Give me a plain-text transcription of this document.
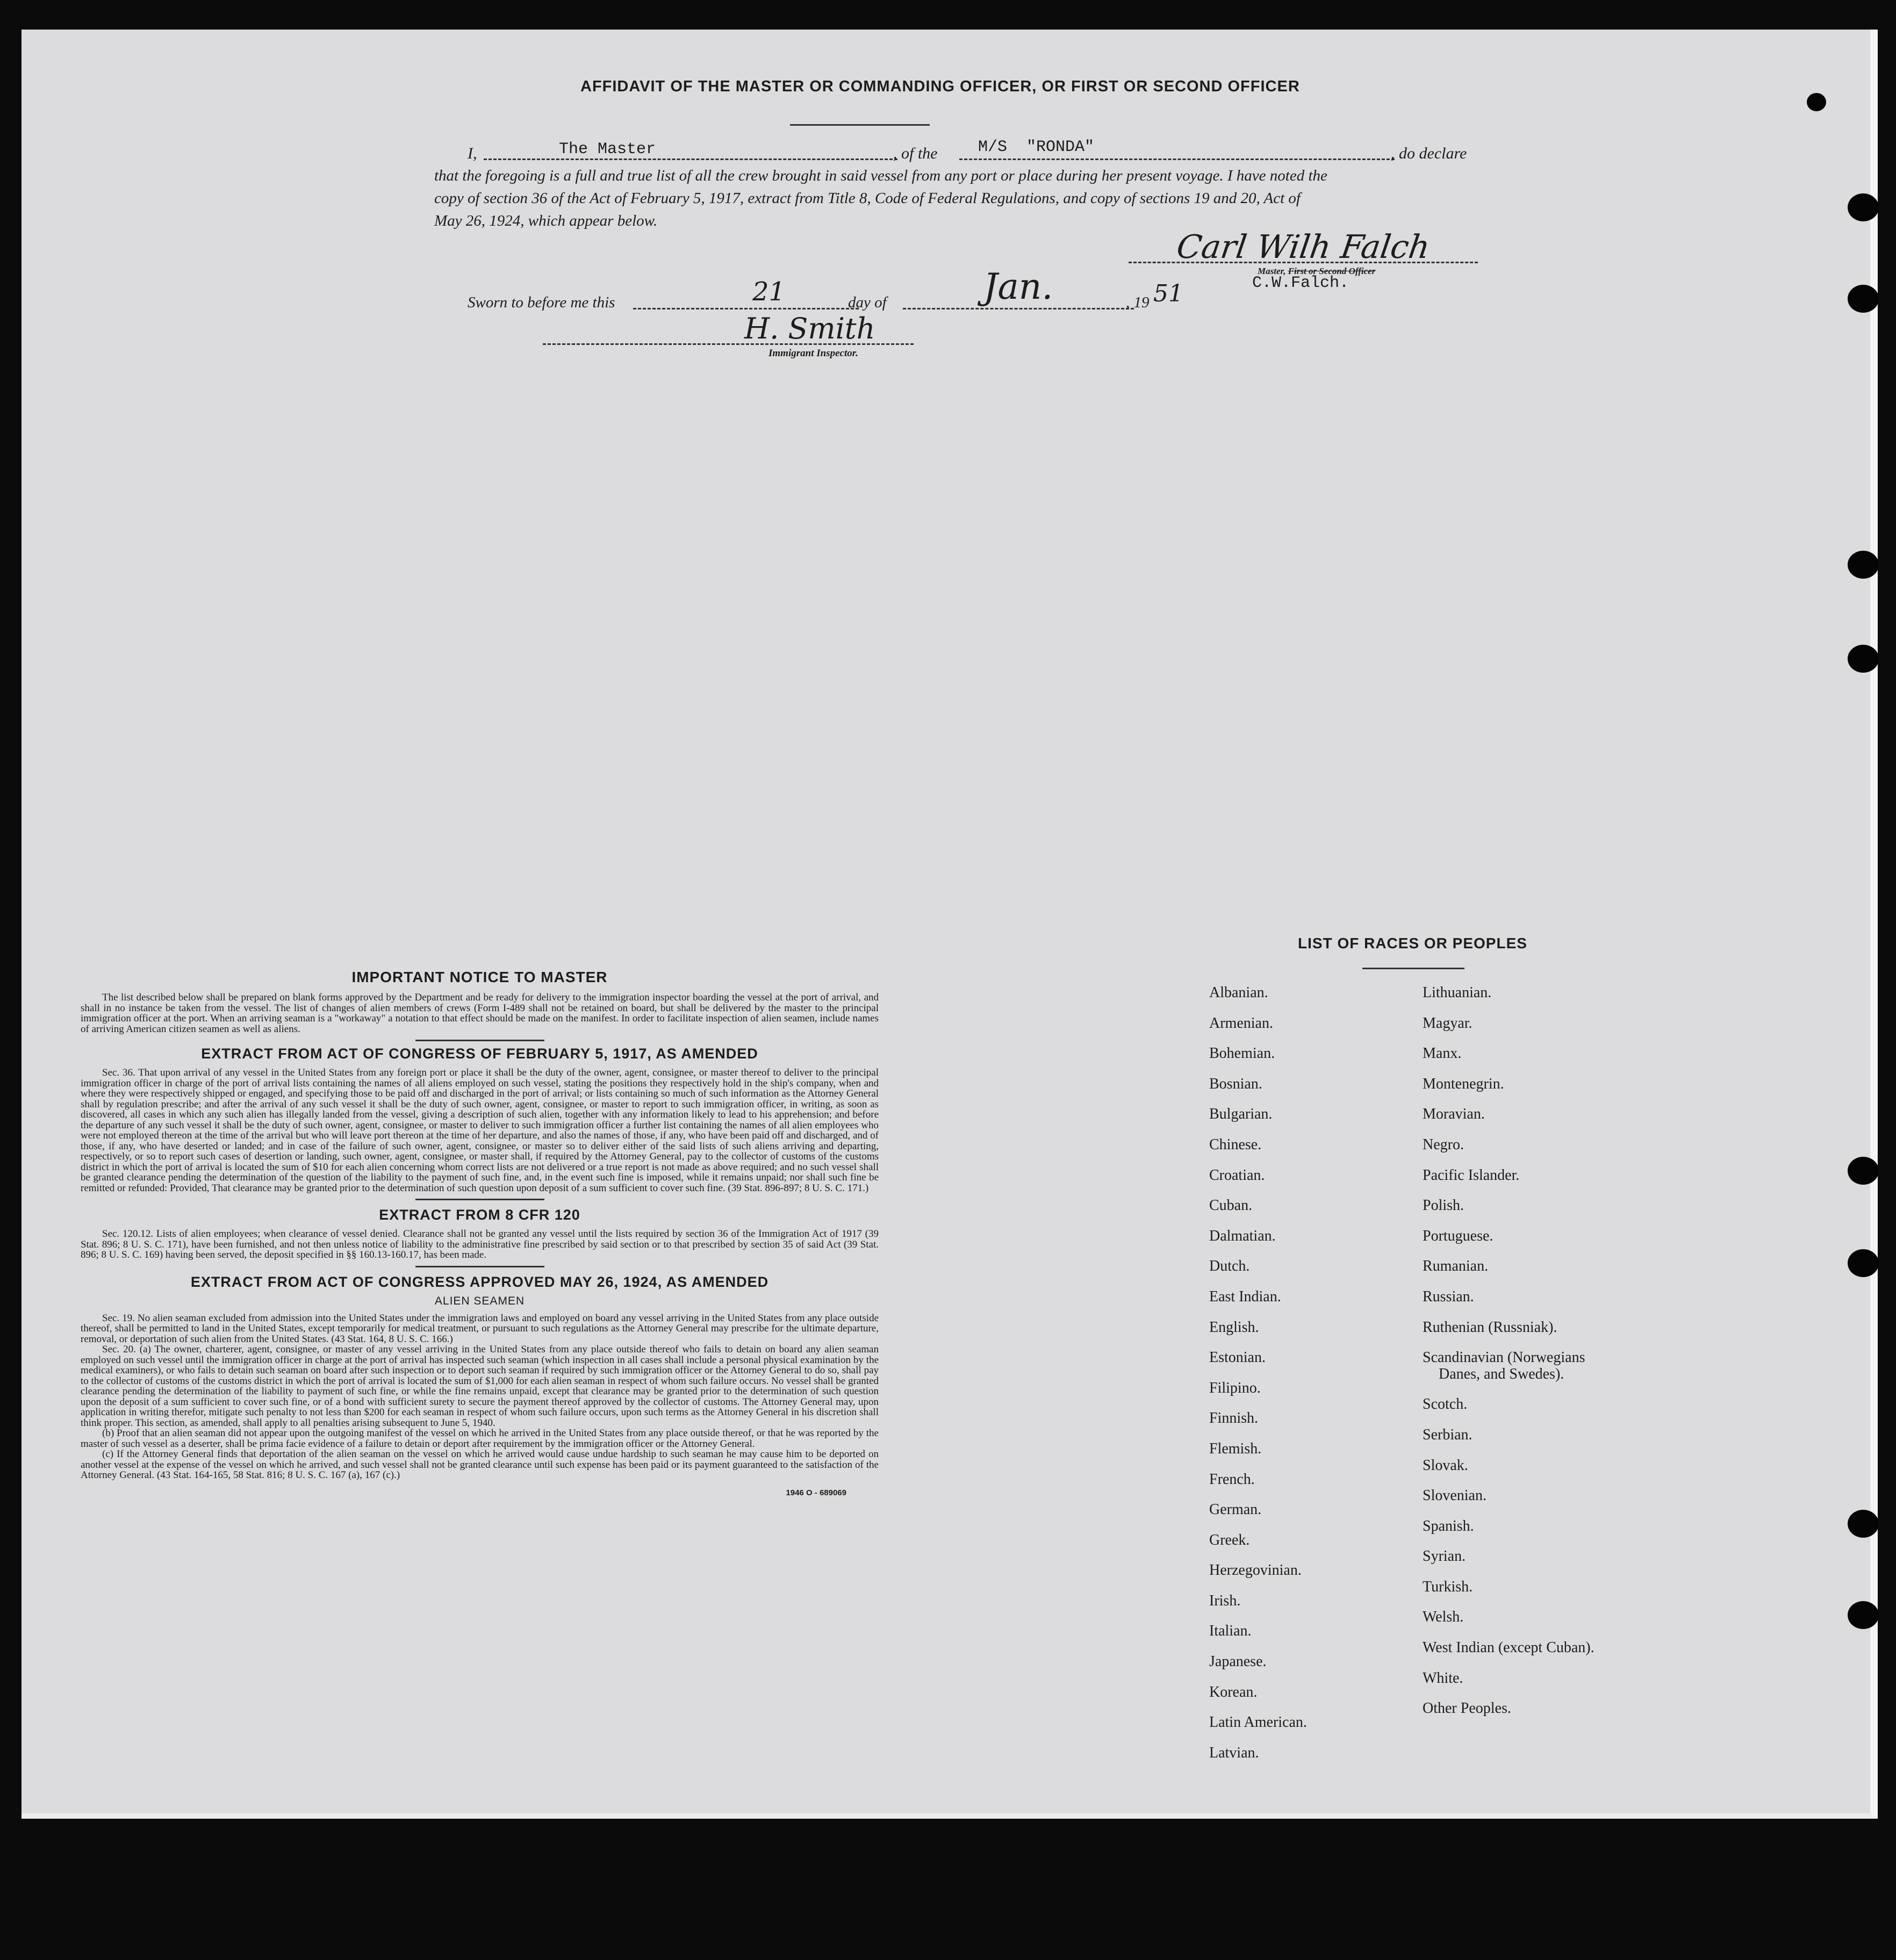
AFFIDAVIT OF THE MASTER OR COMMANDING OFFICER, OR FIRST OR SECOND OFFICER
I,	The Master	, of the	M/S  "RONDA"	, do declare
that the foregoing is a full and true list of all the crew brought in said vessel from any port or place during her present voyage. I have noted the
copy of section 36 of the Act of February 5, 1917, extract from Title 8, Code of Federal Regulations, and copy of sections 19 and 20, Act of
May 26, 1924, which appear below.
Carl Wilh Falch
Master, First or Second Officer
C.W.Falch.
Sworn to before me this	21	day of	Jan.	, 19 51
H. Smith
Immigrant Inspector.
IMPORTANT NOTICE TO MASTER

The list described below shall be prepared on blank forms approved by the Department and be ready for delivery to the immigration inspector boarding the vessel at the port of arrival, and shall in no instance be taken from the vessel. The list of changes of alien members of crews (Form I-489 shall not be retained on board, but shall be delivered by the master to the principal immigration officer at the port. When an arriving seaman is a "workaway" a notation to that effect should be made on the manifest. In order to facilitate inspection of alien seamen, include names of arriving American citizen seamen as well as aliens.

EXTRACT FROM ACT OF CONGRESS OF FEBRUARY 5, 1917, AS AMENDED

Sec. 36. That upon arrival of any vessel in the United States from any foreign port or place it shall be the duty of the owner, agent, consignee, or master thereof to deliver to the principal immigration officer in charge of the port of arrival lists containing the names of all aliens employed on such vessel, stating the positions they respectively hold in the ship's company, when and where they were respectively shipped or engaged, and specifying those to be paid off and discharged in the port of arrival; or lists containing so much of such information as the Attorney General shall by regulation prescribe; and after the arrival of any such vessel it shall be the duty of such owner, agent, consignee, or master to report to such immigration officer, in writing, as soon as discovered, all cases in which any such alien has illegally landed from the vessel, giving a description of such alien, together with any information likely to lead to his apprehension; and before the departure of any such vessel it shall be the duty of such owner, agent, consignee, or master to deliver to such immigration officer a further list containing the names of all alien employees who were not employed thereon at the time of the arrival but who will leave port thereon at the time of her departure, and also the names of those, if any, who have been paid off and discharged, and of those, if any, who have deserted or landed; and in case of the failure of such owner, agent, consignee, or master so to deliver either of the said lists of such aliens arriving and departing, respectively, or so to report such cases of desertion or landing, such owner, agent, consignee, or master shall, if required by the Attorney General, pay to the collector of customs of the customs district in which the port of arrival is located the sum of $10 for each alien concerning whom correct lists are not delivered or a true report is not made as above required; and no such vessel shall be granted clearance pending the determination of the question of the liability to the payment of such fine, and, in the event such fine is imposed, while it remains unpaid; nor shall such fine be remitted or refunded: Provided, That clearance may be granted prior to the determination of such question upon deposit of a sum sufficient to cover such fine. (39 Stat. 896-897; 8 U. S. C. 171.)

EXTRACT FROM 8 CFR 120

Sec. 120.12. Lists of alien employees; when clearance of vessel denied. Clearance shall not be granted any vessel until the lists required by section 36 of the Immigration Act of 1917 (39 Stat. 896; 8 U. S. C. 171), have been furnished, and not then unless notice of liability to the administrative fine prescribed by said section or to that prescribed by section 35 of said Act (39 Stat. 896; 8 U. S. C. 169) having been served, the deposit specified in §§ 160.13-160.17, has been made.

EXTRACT FROM ACT OF CONGRESS APPROVED MAY 26, 1924, AS AMENDED
ALIEN SEAMEN

Sec. 19. No alien seaman excluded from admission into the United States under the immigration laws and employed on board any vessel arriving in the United States from any place outside thereof, shall be permitted to land in the United States, except temporarily for medical treatment, or pursuant to such regulations as the Attorney General may prescribe for the ultimate departure, removal, or deportation of such alien from the United States. (43 Stat. 164, 8 U. S. C. 166.)

Sec. 20. (a) The owner, charterer, agent, consignee, or master of any vessel arriving in the United States from any place outside thereof who fails to detain on board any alien seaman employed on such vessel until the immigration officer in charge at the port of arrival has inspected such seaman (which inspection in all cases shall include a personal physical examination by the medical examiners), or who fails to detain such seaman on board after such inspection or to deport such seaman if required by such immigration officer or the Attorney General to do so, shall pay to the collector of customs of the customs district in which the port of arrival is located the sum of $1,000 for each alien seaman in respect of whom such failure occurs. No vessel shall be granted clearance pending the determination of the liability to payment of such fine, or while the fine remains unpaid, except that clearance may be granted prior to the determination of such question upon the deposit of a sum sufficient to cover such fine, or of a bond with sufficient surety to secure the payment thereof approved by the collector of customs. The Attorney General may, upon application in writing therefor, mitigate such penalty to not less than $200 for each seaman in respect of whom such failure occurs, upon such terms as the Attorney General in his discretion shall think proper. This section, as amended, shall apply to all penalties arising subsequent to June 5, 1940.

(b) Proof that an alien seaman did not appear upon the outgoing manifest of the vessel on which he arrived in the United States from any place outside thereof, or that he was reported by the master of such vessel as a deserter, shall be prima facie evidence of a failure to detain or deport after requirement by the immigration officer or the Attorney General.

(c) If the Attorney General finds that deportation of the alien seaman on the vessel on which he arrived would cause undue hardship to such seaman he may cause him to be deported on another vessel at the expense of the vessel on which he arrived, and such vessel shall not be granted clearance until such expense has been paid or its payment guaranteed to the satisfaction of the Attorney General. (43 Stat. 164-165, 58 Stat. 816; 8 U. S. C. 167 (a), 167 (c).)

1946 O - 689069
LIST OF RACES OR PEOPLES
Albanian.
Armenian.
Bohemian.
Bosnian.
Bulgarian.
Chinese.
Croatian.
Cuban.
Dalmatian.
Dutch.
East Indian.
English.
Estonian.
Filipino.
Finnish.
Flemish.
French.
German.
Greek.
Herzegovinian.
Irish.
Italian.
Japanese.
Korean.
Latin American.
Latvian.
Lithuanian.
Magyar.
Manx.
Montenegrin.
Moravian.
Negro.
Pacific Islander.
Polish.
Portuguese.
Rumanian.
Russian.
Ruthenian (Russniak).
Scandinavian (Norwegians
Danes, and Swedes).
Scotch.
Serbian.
Slovak.
Slovenian.
Spanish.
Syrian.
Turkish.
Welsh.
West Indian (except Cuban).
White.
Other Peoples.
